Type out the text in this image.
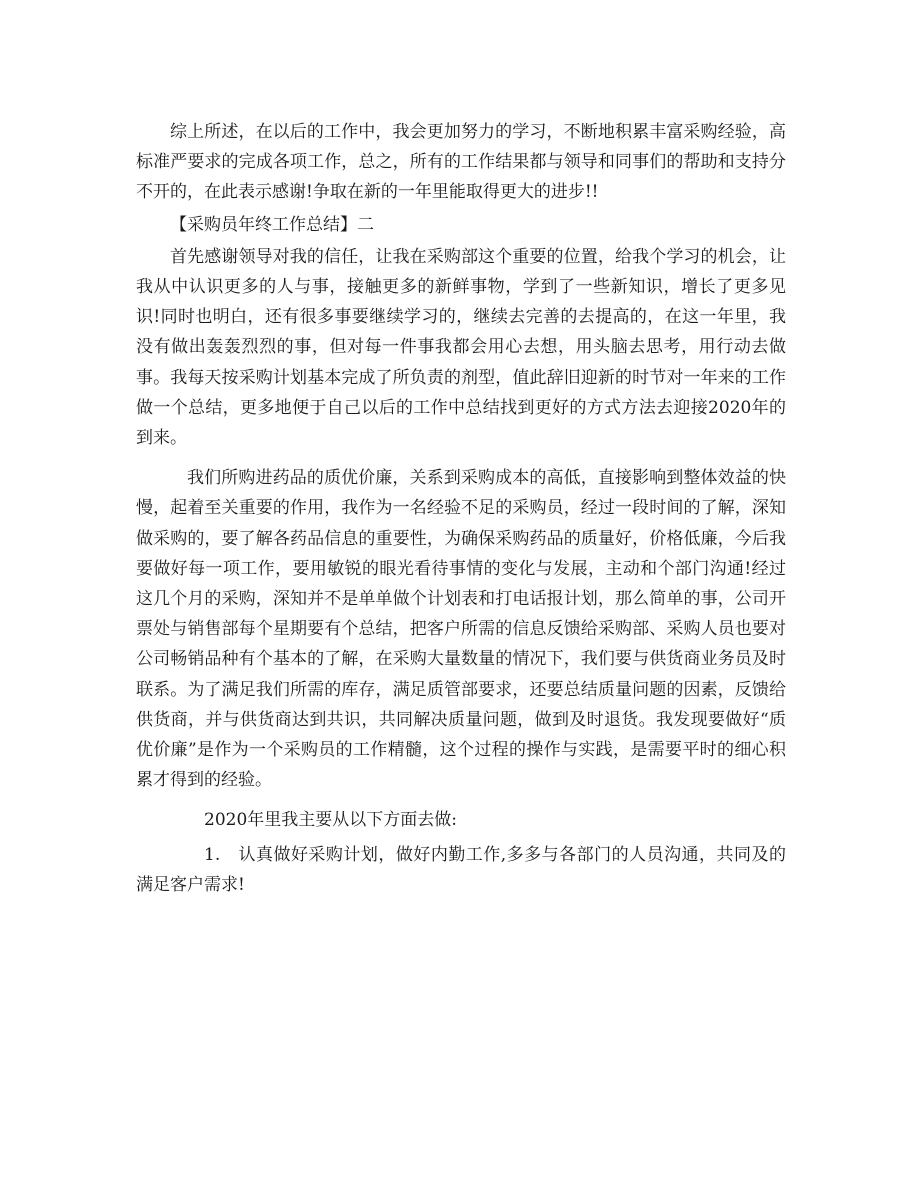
综上所述，在以后的工作中，我会更加努力的学习，不断地积累丰富采购经验，高标准严要求的完成各项工作，总之，所有的工作结果都与领导和同事们的帮助和支持分不开的，在此表示感谢!争取在新的一年里能取得更大的进步!!

【采购员年终工作总结】二

首先感谢领导对我的信任，让我在采购部这个重要的位置，给我个学习的机会，让我从中认识更多的人与事，接触更多的新鲜事物，学到了一些新知识，增长了更多见识!同时也明白，还有很多事要继续学习的，继续去完善的去提高的，在这一年里，我没有做出轰轰烈烈的事，但对每一件事我都会用心去想，用头脑去思考，用行动去做事。我每天按采购计划基本完成了所负责的剂型，值此辞旧迎新的时节对一年来的工作做一个总结，更多地便于自己以后的工作中总结找到更好的方式方法去迎接2020年的到来。

我们所购进药品的质优价廉，关系到采购成本的高低，直接影响到整体效益的快慢，起着至关重要的作用，我作为一名经验不足的采购员，经过一段时间的了解，深知做采购的，要了解各药品信息的重要性，为确保采购药品的质量好，价格低廉，今后我要做好每一项工作，要用敏锐的眼光看待事情的变化与发展，主动和个部门沟通!经过这几个月的采购，深知并不是单单做个计划表和打电话报计划，那么简单的事，公司开票处与销售部每个星期要有个总结，把客户所需的信息反馈给采购部、采购人员也要对公司畅销品种有个基本的了解，在采购大量数量的情况下，我们要与供货商业务员及时联系。为了满足我们所需的库存，满足质管部要求，还要总结质量问题的因素，反馈给供货商，并与供货商达到共识，共同解决质量问题，做到及时退货。我发现要做好“质优价廉”是作为一个采购员的工作精髓，这个过程的操作与实践，是需要平时的细心积累才得到的经验。

2020年里我主要从以下方面去做:

1. 认真做好采购计划，做好内勤工作,多多与各部门的人员沟通，共同及的满足客户需求!
